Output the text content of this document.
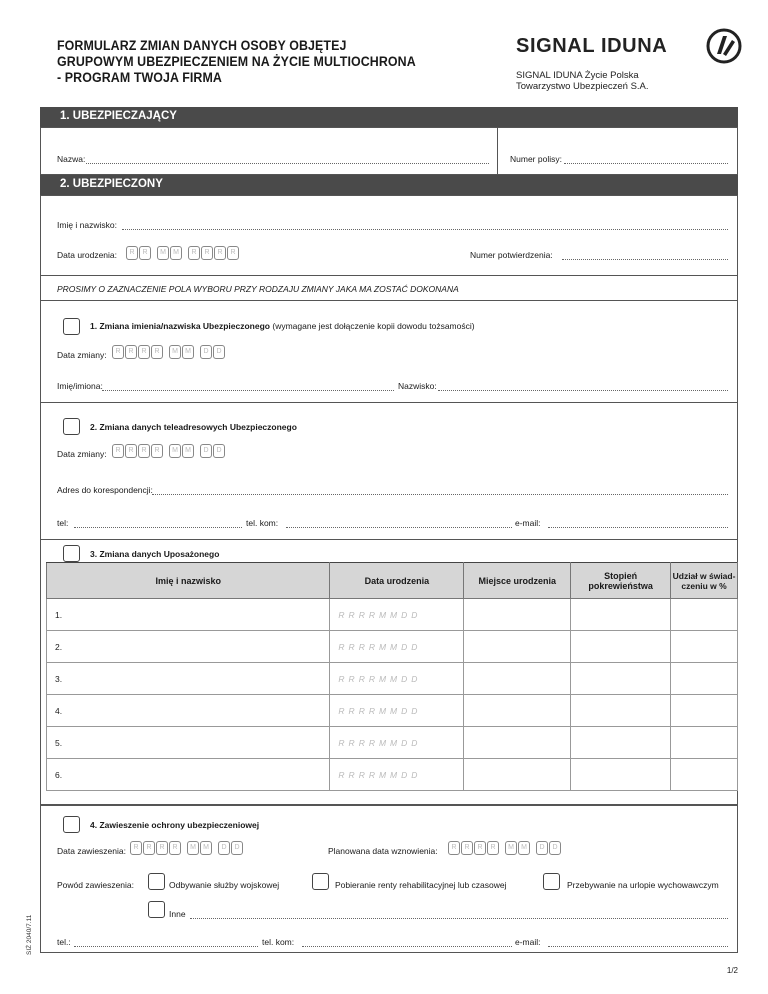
FORMULARZ ZMIAN DANYCH OSOBY OBJĘTEJ
GRUPOWYM UBEZPIECZENIEM NA ŻYCIE MULTIOCHRONA
- PROGRAM TWOJA FIRMA
SIGNAL IDUNA
SIGNAL IDUNA Życie Polska
Towarzystwo Ubezpieczeń S.A.
1. UBEZPIECZAJĄCY
Nazwa:	Numer polisy:
2. UBEZPIECZONY
Imię i nazwisko:
Data urodzenia:	R R M M R R R R	Numer potwierdzenia:
PROSIMY O ZAZNACZENIE POLA WYBORU PRZY RODZAJU ZMIANY JAKA MA ZOSTAĆ DOKONANA
1. Zmiana imienia/nazwiska Ubezpieczonego (wymagane jest dołączenie kopii dowodu tożsamości)
Data zmiany:	R R R R M M D D
Imię/imiona:	Nazwisko:
2. Zmiana danych teleadresowych Ubezpieczonego
Data zmiany:	R R R R M M D D
Adres do korespondencji:
tel:	tel. kom:	e-mail:
3. Zmiana danych Uposażonego
Imię i nazwisko	Data urodzenia	Miejsce urodzenia	Stopień pokrewieństwa	Udział w świad-czeniu w %
1.	RRRRMMDD			
2.	RRRRMMDD			
3.	RRRRMMDD			
4.	RRRRMMDD			
5.	RRRRMMDD			
6.	RRRRMMDD			
4. Zawieszenie ochrony ubezpieczeniowej
Data zawieszenia:	R R R R M M D D	Planowana data wznowienia:	R R R R M M D D
Powód zawieszenia:	Odbywanie służby wojskowej	Pobieranie renty rehabilitacyjnej lub czasowej	Przebywanie na urlopie wychowawczym
Inne
tel.:	tel. kom:	e-mail:
SIŻ 2040/7.11
1/2
